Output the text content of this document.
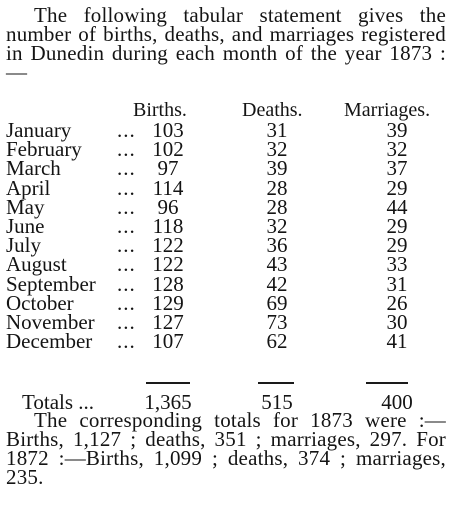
The following tabular statement gives the number of births, deaths, and marriages registered in Dunedin during each month of the year 1873 :—
Births.	Deaths. Marriages.
January ... 103	31	39
February ... 102	32	32
March	...	97	39	37
April	... 114	28	29
May	...	96	28	44
June	... 118	32	29
July	... 122	36	29
August ... 122	43	33
September ... 128	42	31
October ... 129	69	26
November ... 127	73	30
December ... 107	62	41
Totals ...	1,365	515	400
The corresponding totals for 1873 were :— Births, 1,127 ; deaths, 351 ; marriages, 297. For 1872 :—Births, 1,099 ; deaths, 374 ; marriages, 235.
